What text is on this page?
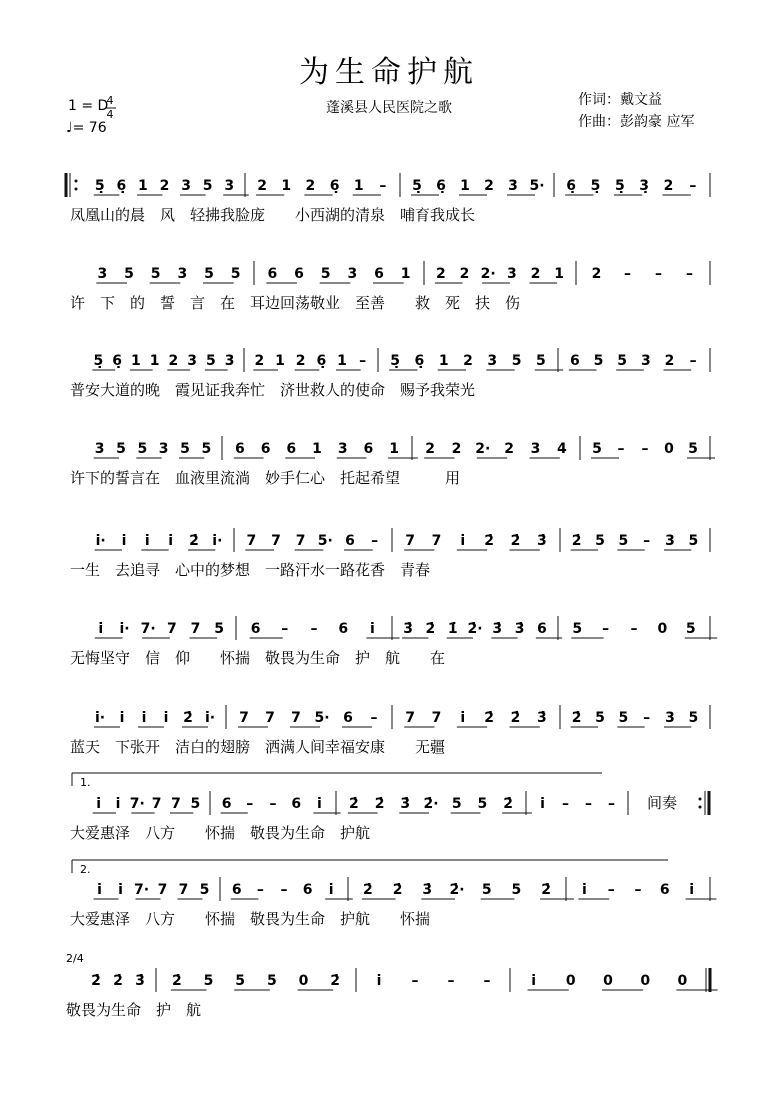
为生命护航
蓬溪县人民医院之歌
1 = D
4
4
♩= 76
作词：戴文益
作曲：彭韵豪 应军
5̣ 6̣ 1 2 3 5 3 2 1 2 6̣ 1 – 5̣ 6̣ 1 2 3 5· 6̣ 5̣ 5̣ 3̣ 2 –
凤凰山的晨　风　轻拂我脸庞　　小西湖的清泉　哺育我成长
3 5 5 3 5 5 6 6 5 3 6 1 2 2 2· 3 2 1 2 – – –
许　下　的　誓　言　在　耳边回荡敬业　至善　　救　死　扶　伤
5̣ 6̣ 1 1 2 3 5 3 2 1 2 6̣ 1 – 5̣ 6̣ 1 2 3 5 5 6 5 5 3 2 –
普安大道的晚　霞见证我奔忙　济世救人的使命　赐予我荣光
3 5 5 3 5 5 6 6 6 1 3 6 1 2 2 2· 2 3 4 5 – – 0 5
许下的誓言在　血液里流淌　妙手仁心　托起希望　　　用
i· i i i 2̇ i· 7 7 7 5· 6 – 7 7 i 2̇ 2̇ 3̇ 2̇ 5 5 – 3 5
一生　去追寻　心中的梦想　一路汗水一路花香　青春
i i· 7· 7 7 5 6 – – 6 i 3̇ 2̇ 1̇ 2̇· 3̇ 3̇ 6 5 – – 0 5
无悔坚守　信　仰　　怀揣　敬畏为生命　护　航　　在
i· i i i 2̇ i· 7 7 7 5· 6 – 7 7 i 2̇ 2̇ 3̇ 2̇ 5 5 – 3 5
蓝天　下张开　洁白的翅膀　洒满人间幸福安康　　无疆
i i 7· 7 7 5 6 – – 6 i 2̇ 2̇ 3̇ 2̇· 5 5 2̇ i – – –
大爱惠泽　八方　　怀揣　敬畏为生命　护航
i i 7· 7 7 5 6 – – 6 i 2̇ 2̇ 3̇ 2̇· 5 5 2̇ i – – 6 i
大爱惠泽　八方　　怀揣　敬畏为生命　护航　　怀揣
2̇ 2̇ 3̇ 2̇ 5 5 5 0 2̇	i – – –	i 0 0 0 0
敬畏为生命　护　航
1.
2.
间奏
2/4
